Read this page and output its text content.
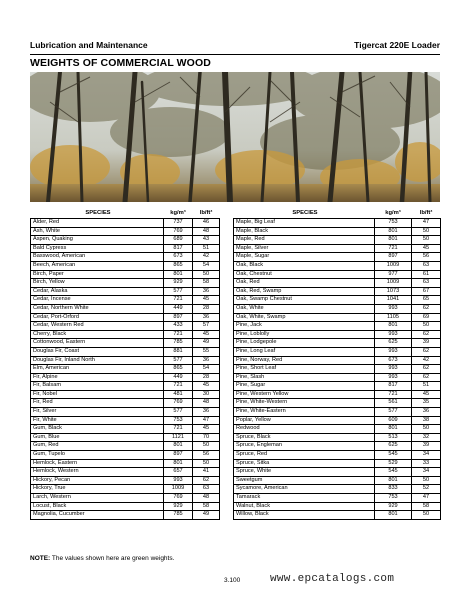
Lubrication and Maintenance	Tigercat 220E Loader
WEIGHTS OF COMMERCIAL WOOD
SPECIES	kg/m³	lb/ft³
Alder, Red	737	46
Ash, White	769	48
Aspen, Quaking	689	43
Bald Cypress	817	51
Basswood, American	673	42
Beech, American	865	54
Birch, Paper	801	50
Birch, Yellow	929	58
Cedar, Alaska	577	36
Cedar, Incense	721	45
Cedar, Northern White	449	28
Cedar, Port-Orford	897	36
Cedar, Western Red	433	57
Cherry, Black	721	45
Cottonwood, Eastern	785	49
Douglas Fir, Coast	881	55
Douglas Fir, Inland North	577	36
Elm, American	865	54
Fir, Alpine	449	28
Fir, Balsam	721	45
Fir, Nobel	481	30
Fir, Red	769	48
Fir, Silver	577	36
Fir, White	753	47
Gum, Black	721	45
Gum, Blue	1121	70
Gum, Red	801	50
Gum, Tupelo	897	56
Hemlock, Eastern	801	50
Hemlock, Western	657	41
Hickory, Pecan	993	62
Hickory, True	1009	63
Larch, Western	769	48
Locust, Black	929	58
Magnolia, Cucumber	785	49
SPECIES	kg/m³	lb/ft³
Maple, Big Leaf	753	47
Maple, Black	801	50
Maple, Red	801	50
Maple, Silver	721	45
Maple, Sugar	897	56
Oak, Black	1009	63
Oak, Chestnut	977	61
Oak, Red	1009	63
Oak, Red, Swamp	1073	67
Oak, Swamp Chestnut	1041	65
Oak, White	993	62
Oak, White, Swamp	1105	69
Pine, Jack	801	50
Pine, Loblolly	993	62
Pine, Lodgepole	625	39
Pine, Long Leaf	993	62
Pine, Norway, Red	673	42
Pine, Short Leaf	993	62
Pine, Slash	993	62
Pine, Sugar	817	51
Pine, Western Yellow	721	45
Pine, White-Western	561	35
Pine, White-Eastern	577	36
Poplar, Yellow	609	38
Redwood	801	50
Spruce, Black	513	32
Spruce, Engleman	625	39
Spruce, Red	545	34
Spruce, Sitka	529	33
Spruce, White	545	34
Sweetgum	801	50
Sycamore, American	833	52
Tamarack	753	47
Walnut, Black	929	58
Willow, Black	801	50
NOTE: The values shown here are green weights.
3.100	www.epcatalogs.com
